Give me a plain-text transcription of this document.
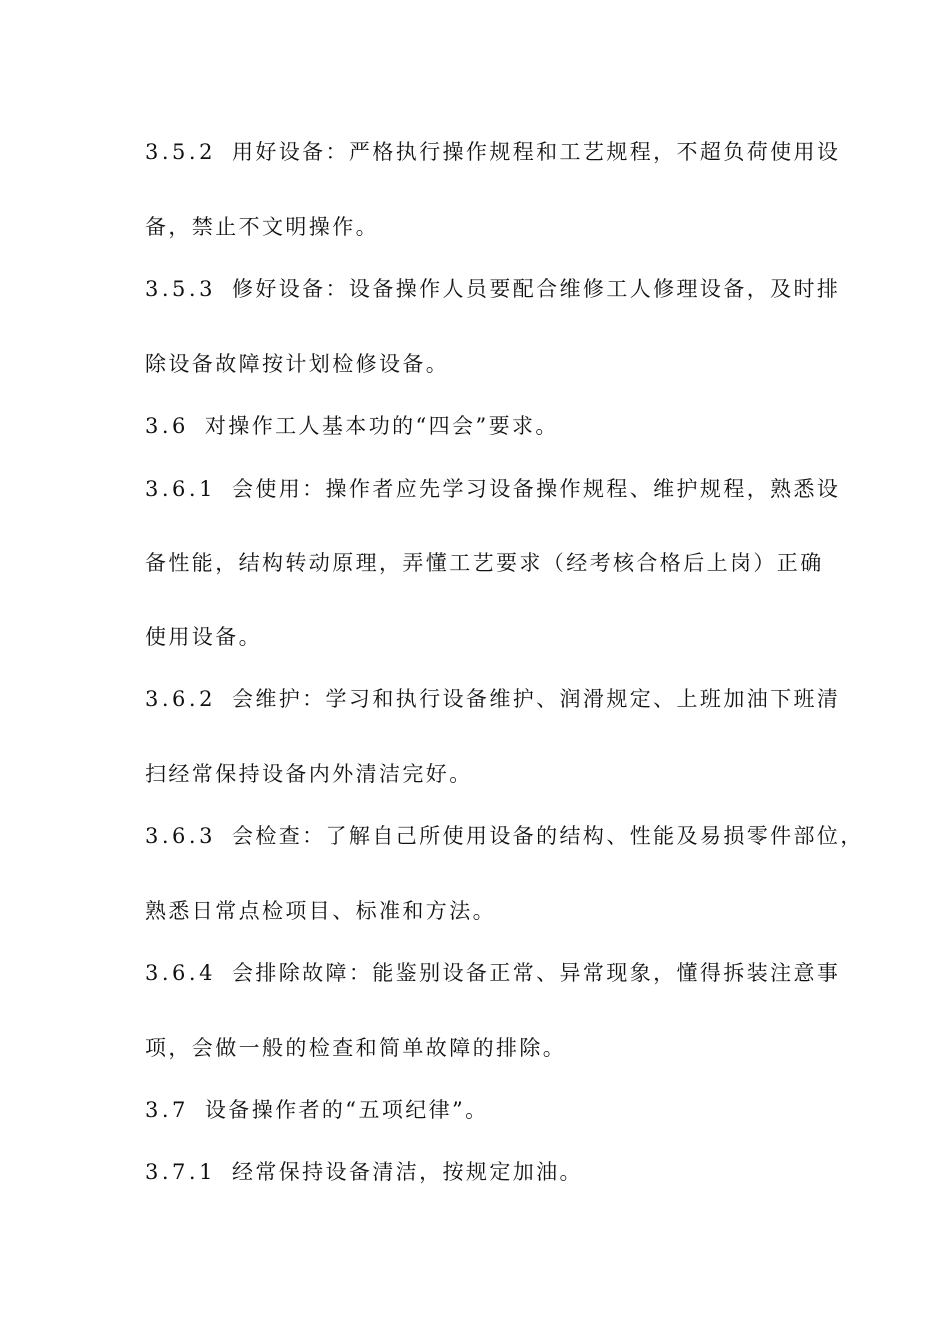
3.5.2 用好设备：严格执行操作规程和工艺规程，不超负荷使用设
备，禁止不文明操作。
3.5.3 修好设备：设备操作人员要配合维修工人修理设备，及时排
除设备故障按计划检修设备。
3.6 对操作工人基本功的“四会”要求。
3.6.1 会使用：操作者应先学习设备操作规程、维护规程，熟悉设
备性能，结构转动原理，弄懂工艺要求（经考核合格后上岗）正确
使用设备。
3.6.2 会维护：学习和执行设备维护、润滑规定、上班加油下班清
扫经常保持设备内外清洁完好。
3.6.3 会检查：了解自己所使用设备的结构、性能及易损零件部位，
熟悉日常点检项目、标准和方法。
3.6.4 会排除故障：能鉴别设备正常、异常现象，懂得拆装注意事
项，会做一般的检查和简单故障的排除。
3.7 设备操作者的“五项纪律”。
3.7.1 经常保持设备清洁，按规定加油。
